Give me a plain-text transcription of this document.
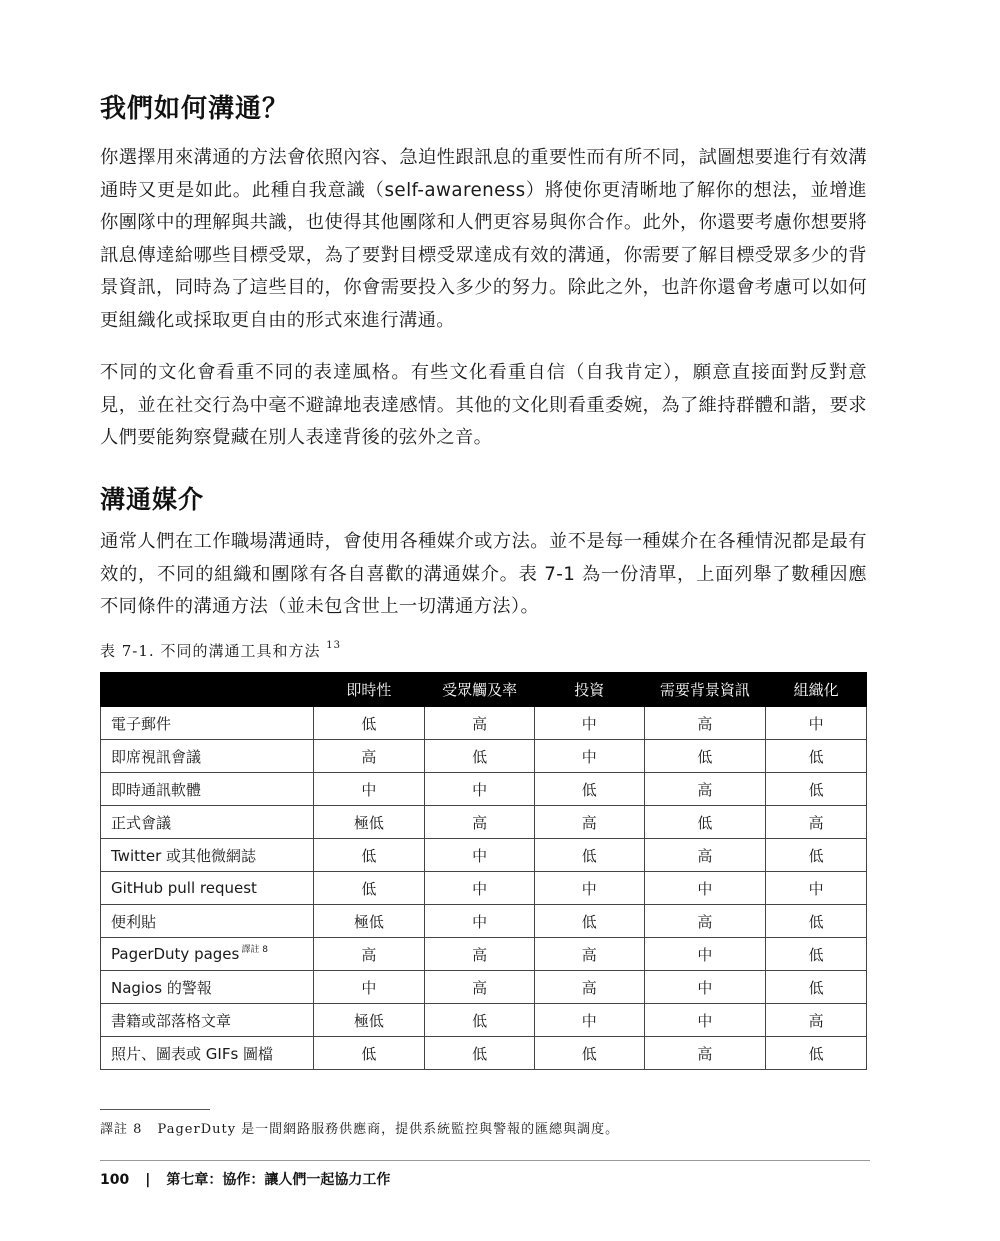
我們如何溝通？

你選擇用來溝通的方法會依照內容、急迫性跟訊息的重要性而有所不同，試圖想要進行有效溝通時又更是如此。此種自我意識（self-awareness）將使你更清晰地了解你的想法，並增進你團隊中的理解與共識，也使得其他團隊和人們更容易與你合作。此外，你還要考慮你想要將訊息傳達給哪些目標受眾，為了要對目標受眾達成有效的溝通，你需要了解目標受眾多少的背景資訊，同時為了這些目的，你會需要投入多少的努力。除此之外，也許你還會考慮可以如何更組織化或採取更自由的形式來進行溝通。

不同的文化會看重不同的表達風格。有些文化看重自信（自我肯定），願意直接面對反對意見，並在社交行為中毫不避諱地表達感情。其他的文化則看重委婉，為了維持群體和諧，要求人們要能夠察覺藏在別人表達背後的弦外之音。

溝通媒介

通常人們在工作職場溝通時，會使用各種媒介或方法。並不是每一種媒介在各種情況都是最有效的，不同的組織和團隊有各自喜歡的溝通媒介。表 7-1 為一份清單，上面列舉了數種因應不同條件的溝通方法（並未包含世上一切溝通方法）。

表 7-1. 不同的溝通工具和方法 $^{13}$
	即時性	受眾觸及率	投資	需要背景資訊	組織化
電子郵件	低	高	中	高	中
即席視訊會議	高	低	中	低	低
即時通訊軟體	中	中	低	高	低
正式會議	極低	高	高	低	高
Twitter 或其他微網誌	低	中	低	高	低
GitHub pull request	低	中	中	中	中
便利貼	極低	中	低	高	低
PagerDuty pages $^{譯註 8}$	高	高	高	中	低
Nagios 的警報	中	高	高	中	低
書籍或部落格文章	極低	低	中	中	高
照片、圖表或 GIFs 圖檔	低	低	低	高	低
譯註 8 PagerDuty 是一間網路服務供應商，提供系統監控與警報的匯總與調度。
100 | 第七章：協作：讓人們一起協力工作
